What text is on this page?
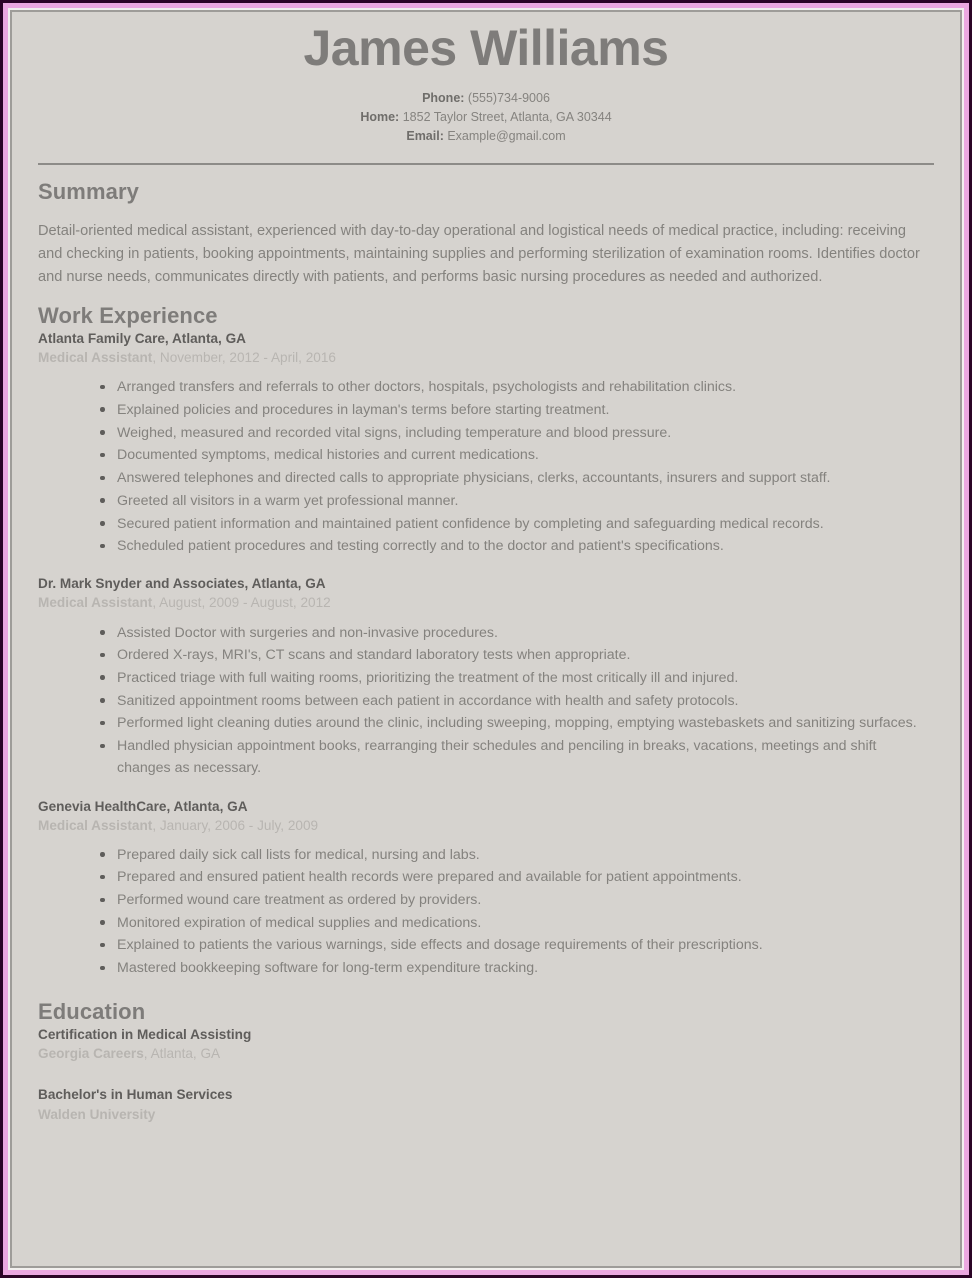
James Williams
Phone: (555)734-9006
Home: 1852 Taylor Street, Atlanta, GA 30344
Email: Example@gmail.com
Summary

Detail-oriented medical assistant, experienced with day-to-day operational and logistical needs of medical practice, including: receiving and checking in patients, booking appointments, maintaining supplies and performing sterilization of examination rooms. Identifies doctor and nurse needs, communicates directly with patients, and performs basic nursing procedures as needed and authorized.

Work Experience
Atlanta Family Care, Atlanta, GA
Medical Assistant, November, 2012 - April, 2016
Arranged transfers and referrals to other doctors, hospitals, psychologists and rehabilitation clinics.
Explained policies and procedures in layman's terms before starting treatment.
Weighed, measured and recorded vital signs, including temperature and blood pressure.
Documented symptoms, medical histories and current medications.
Answered telephones and directed calls to appropriate physicians, clerks, accountants, insurers and support staff.
Greeted all visitors in a warm yet professional manner.
Secured patient information and maintained patient confidence by completing and safeguarding medical records.
Scheduled patient procedures and testing correctly and to the doctor and patient's specifications.
Dr. Mark Snyder and Associates, Atlanta, GA
Medical Assistant, August, 2009 - August, 2012
Assisted Doctor with surgeries and non-invasive procedures.
Ordered X-rays, MRI's, CT scans and standard laboratory tests when appropriate.
Practiced triage with full waiting rooms, prioritizing the treatment of the most critically ill and injured.
Sanitized appointment rooms between each patient in accordance with health and safety protocols.
Performed light cleaning duties around the clinic, including sweeping, mopping, emptying wastebaskets and sanitizing surfaces.
Handled physician appointment books, rearranging their schedules and penciling in breaks, vacations, meetings and shift changes as necessary.
Genevia HealthCare, Atlanta, GA
Medical Assistant, January, 2006 - July, 2009
Prepared daily sick call lists for medical, nursing and labs.
Prepared and ensured patient health records were prepared and available for patient appointments.
Performed wound care treatment as ordered by providers.
Monitored expiration of medical supplies and medications.
Explained to patients the various warnings, side effects and dosage requirements of their prescriptions.
Mastered bookkeeping software for long-term expenditure tracking.
Education
Certification in Medical Assisting
Georgia Careers, Atlanta, GA
Bachelor's in Human Services
Walden University
